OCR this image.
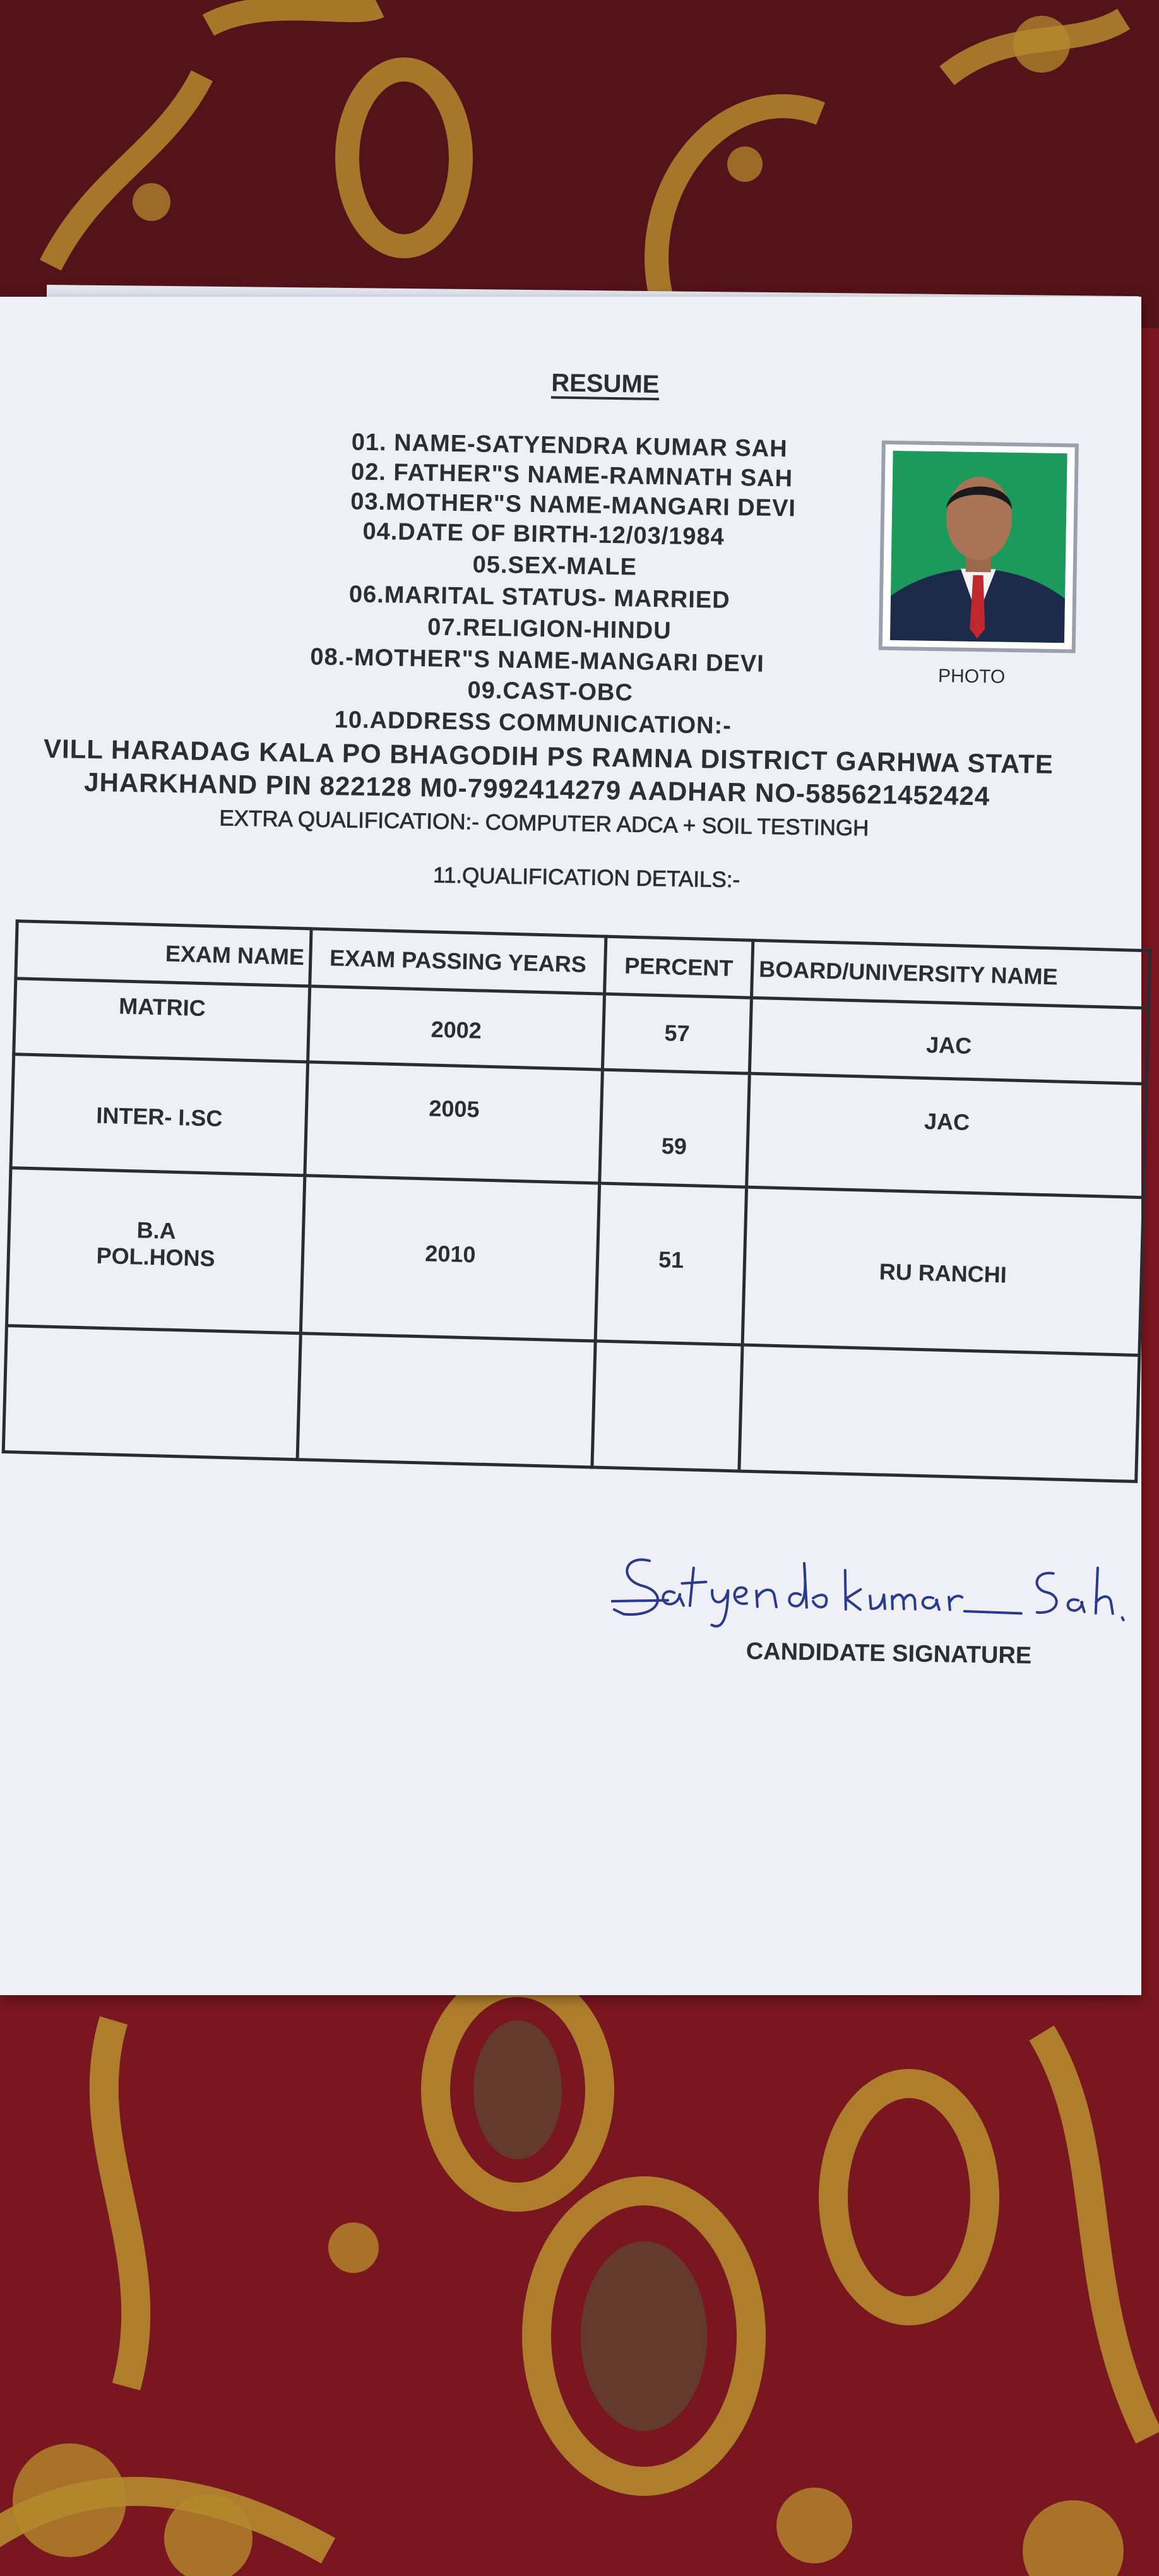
RESUME
01. NAME-SATYENDRA KUMAR SAH
02. FATHER"S NAME-RAMNATH SAH
03.MOTHER"S NAME-MANGARI DEVI
04.DATE OF BIRTH-12/03/1984
05.SEX-MALE
06.MARITAL STATUS- MARRIED
07.RELIGION-HINDU
08.-MOTHER"S NAME-MANGARI DEVI
09.CAST-OBC
10.ADDRESS COMMUNICATION:-
VILL HARADAG KALA PO BHAGODIH PS RAMNA DISTRICT GARHWA STATE
JHARKHAND PIN 822128 M0-7992414279 AADHAR NO-585621452424
EXTRA QUALIFICATION:- COMPUTER ADCA + SOIL TESTINGH
11.QUALIFICATION DETAILS:-
PHOTO
EXAM NAME	EXAM PASSING YEARS	PERCENT	BOARD/UNIVERSITY NAME
MATRIC	2002	57	JAC
INTER- I.SC	2005	59	JAC

B.A
POL.HONS	2010	51	RU RANCHI

CANDIDATE SIGNATURE
